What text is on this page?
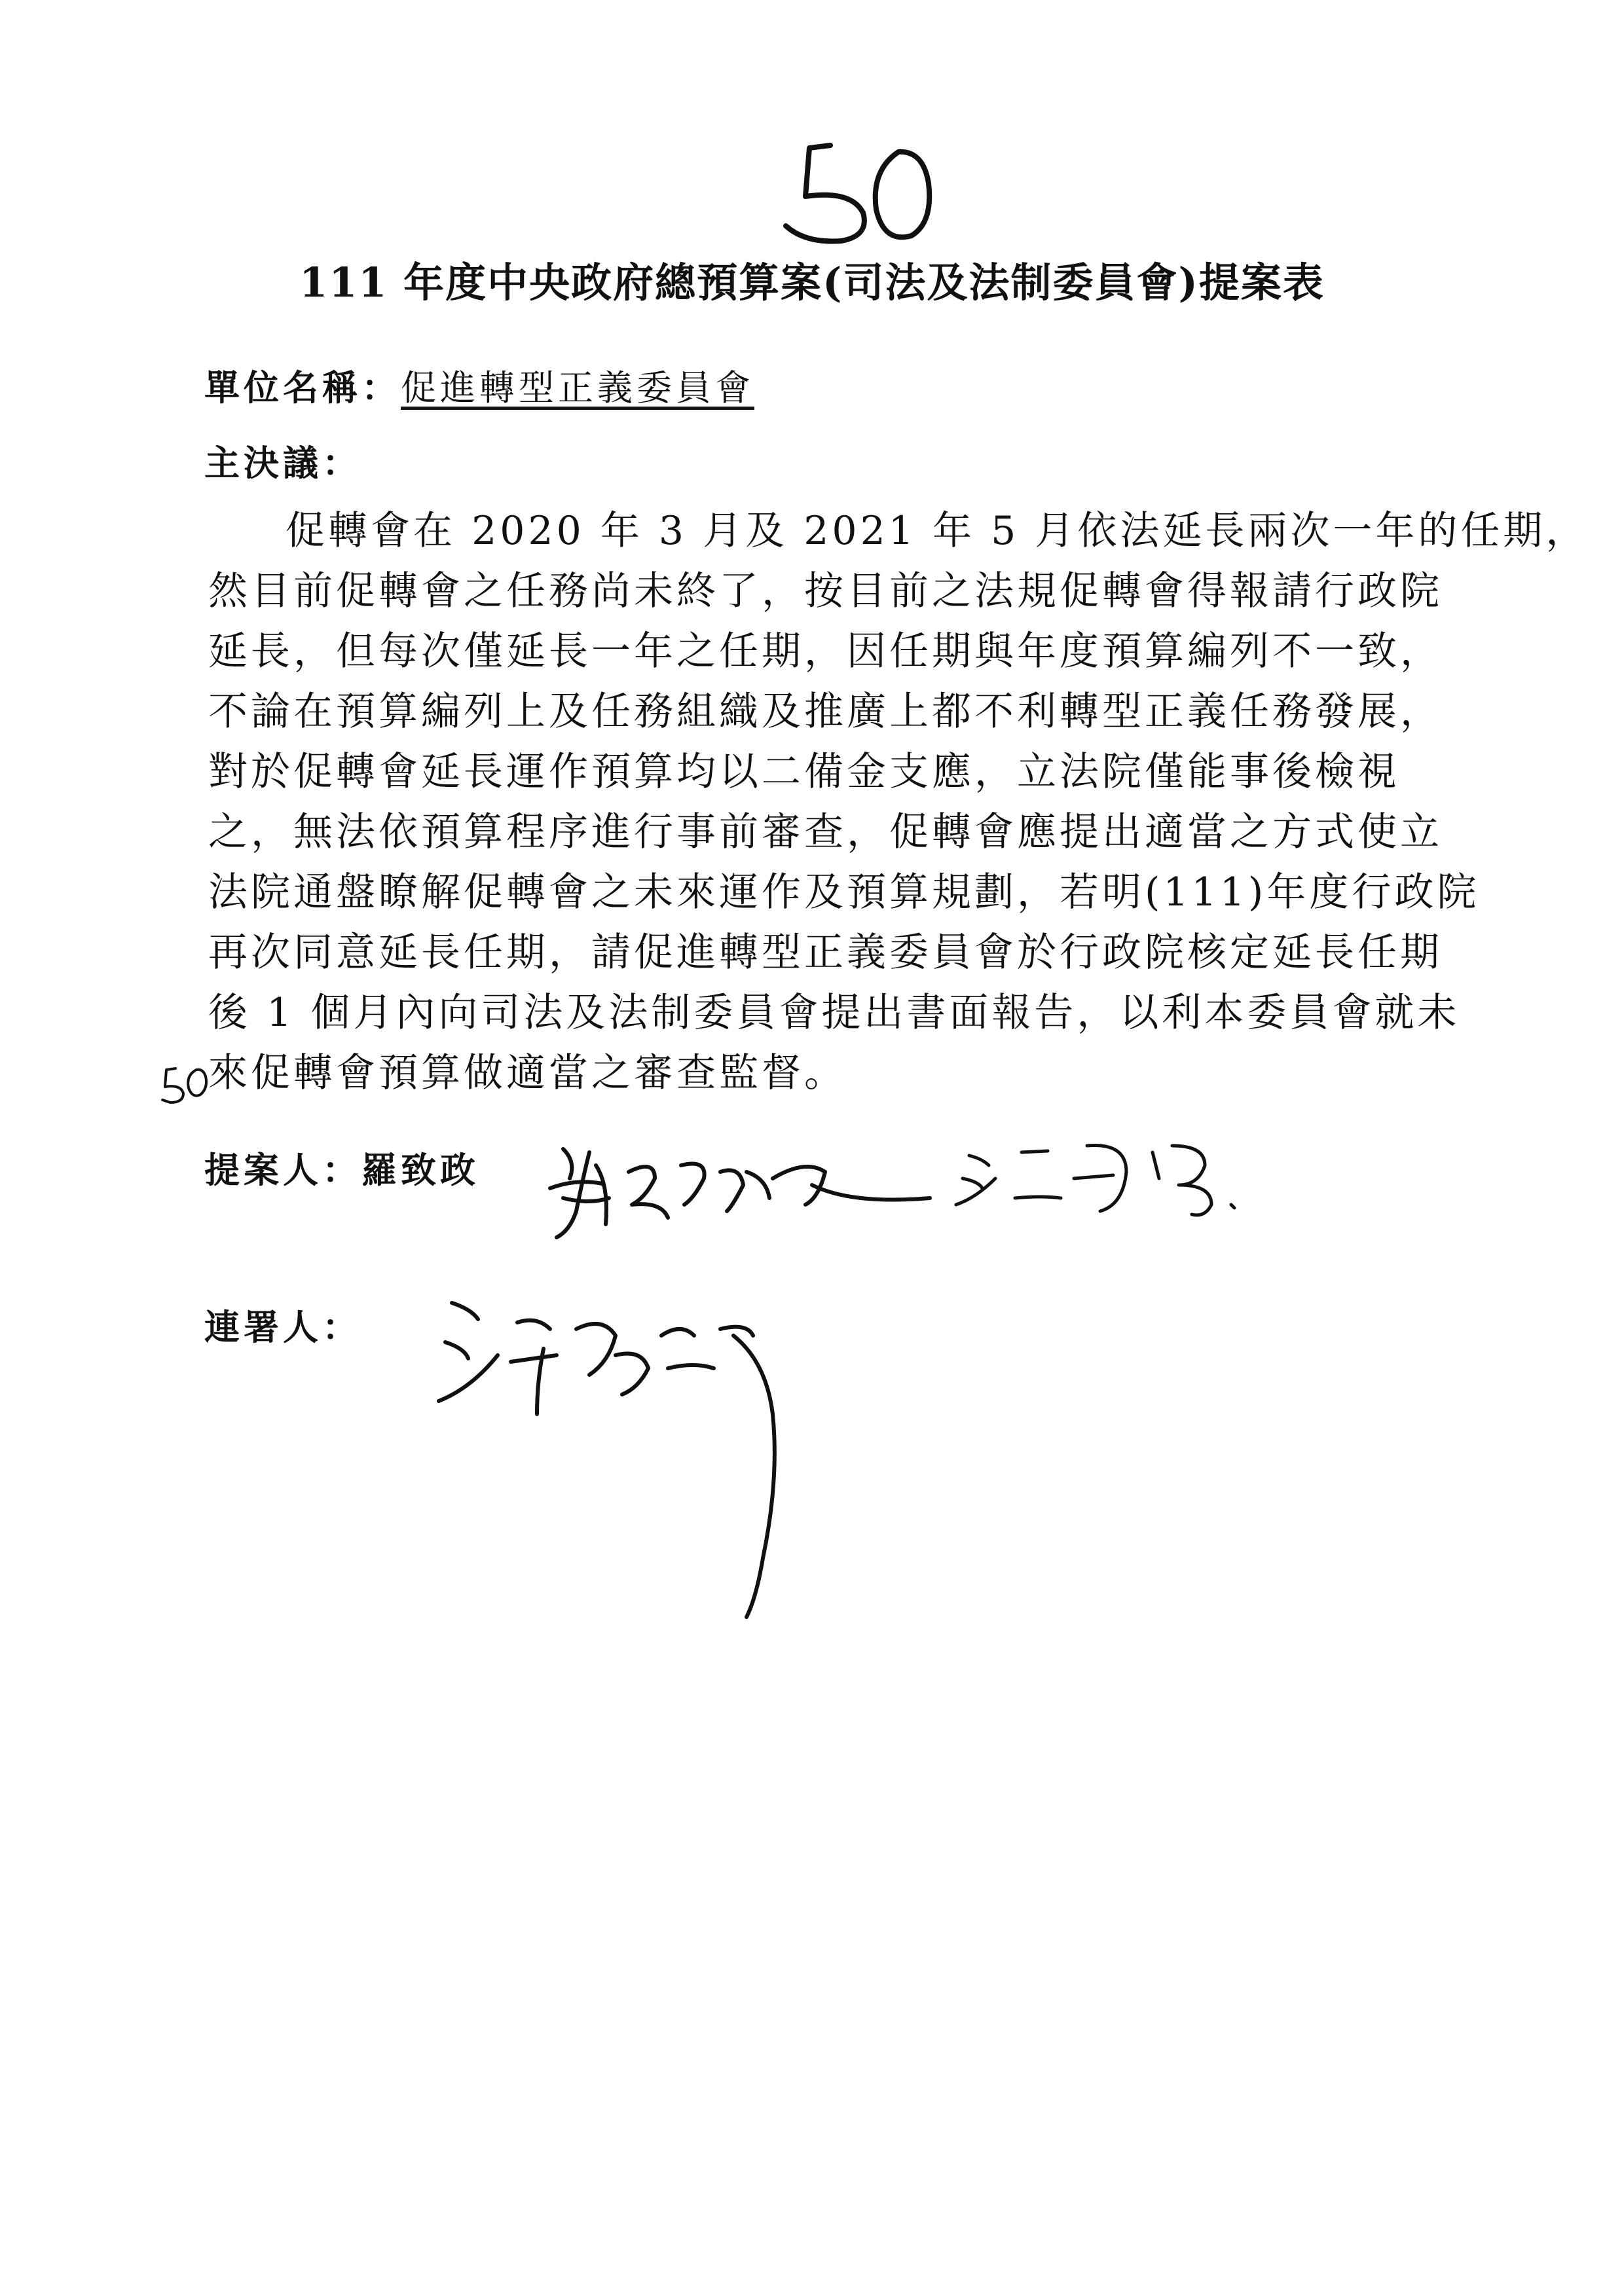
111 年度中央政府總預算案(司法及法制委員會)提案表
單位名稱：促進轉型正義委員會
主決議：
促轉會在 2020 年 3 月及 2021 年 5 月依法延長兩次一年的任期，
然目前促轉會之任務尚未終了，按目前之法規促轉會得報請行政院
延長，但每次僅延長一年之任期，因任期與年度預算編列不一致，
不論在預算編列上及任務組織及推廣上都不利轉型正義任務發展，
對於促轉會延長運作預算均以二備金支應，立法院僅能事後檢視
之，無法依預算程序進行事前審查，促轉會應提出適當之方式使立
法院通盤瞭解促轉會之未來運作及預算規劃，若明(111)年度行政院
再次同意延長任期，請促進轉型正義委員會於行政院核定延長任期
後 1 個月內向司法及法制委員會提出書面報告，以利本委員會就未
來促轉會預算做適當之審查監督。
提案人：羅致政
連署人：
